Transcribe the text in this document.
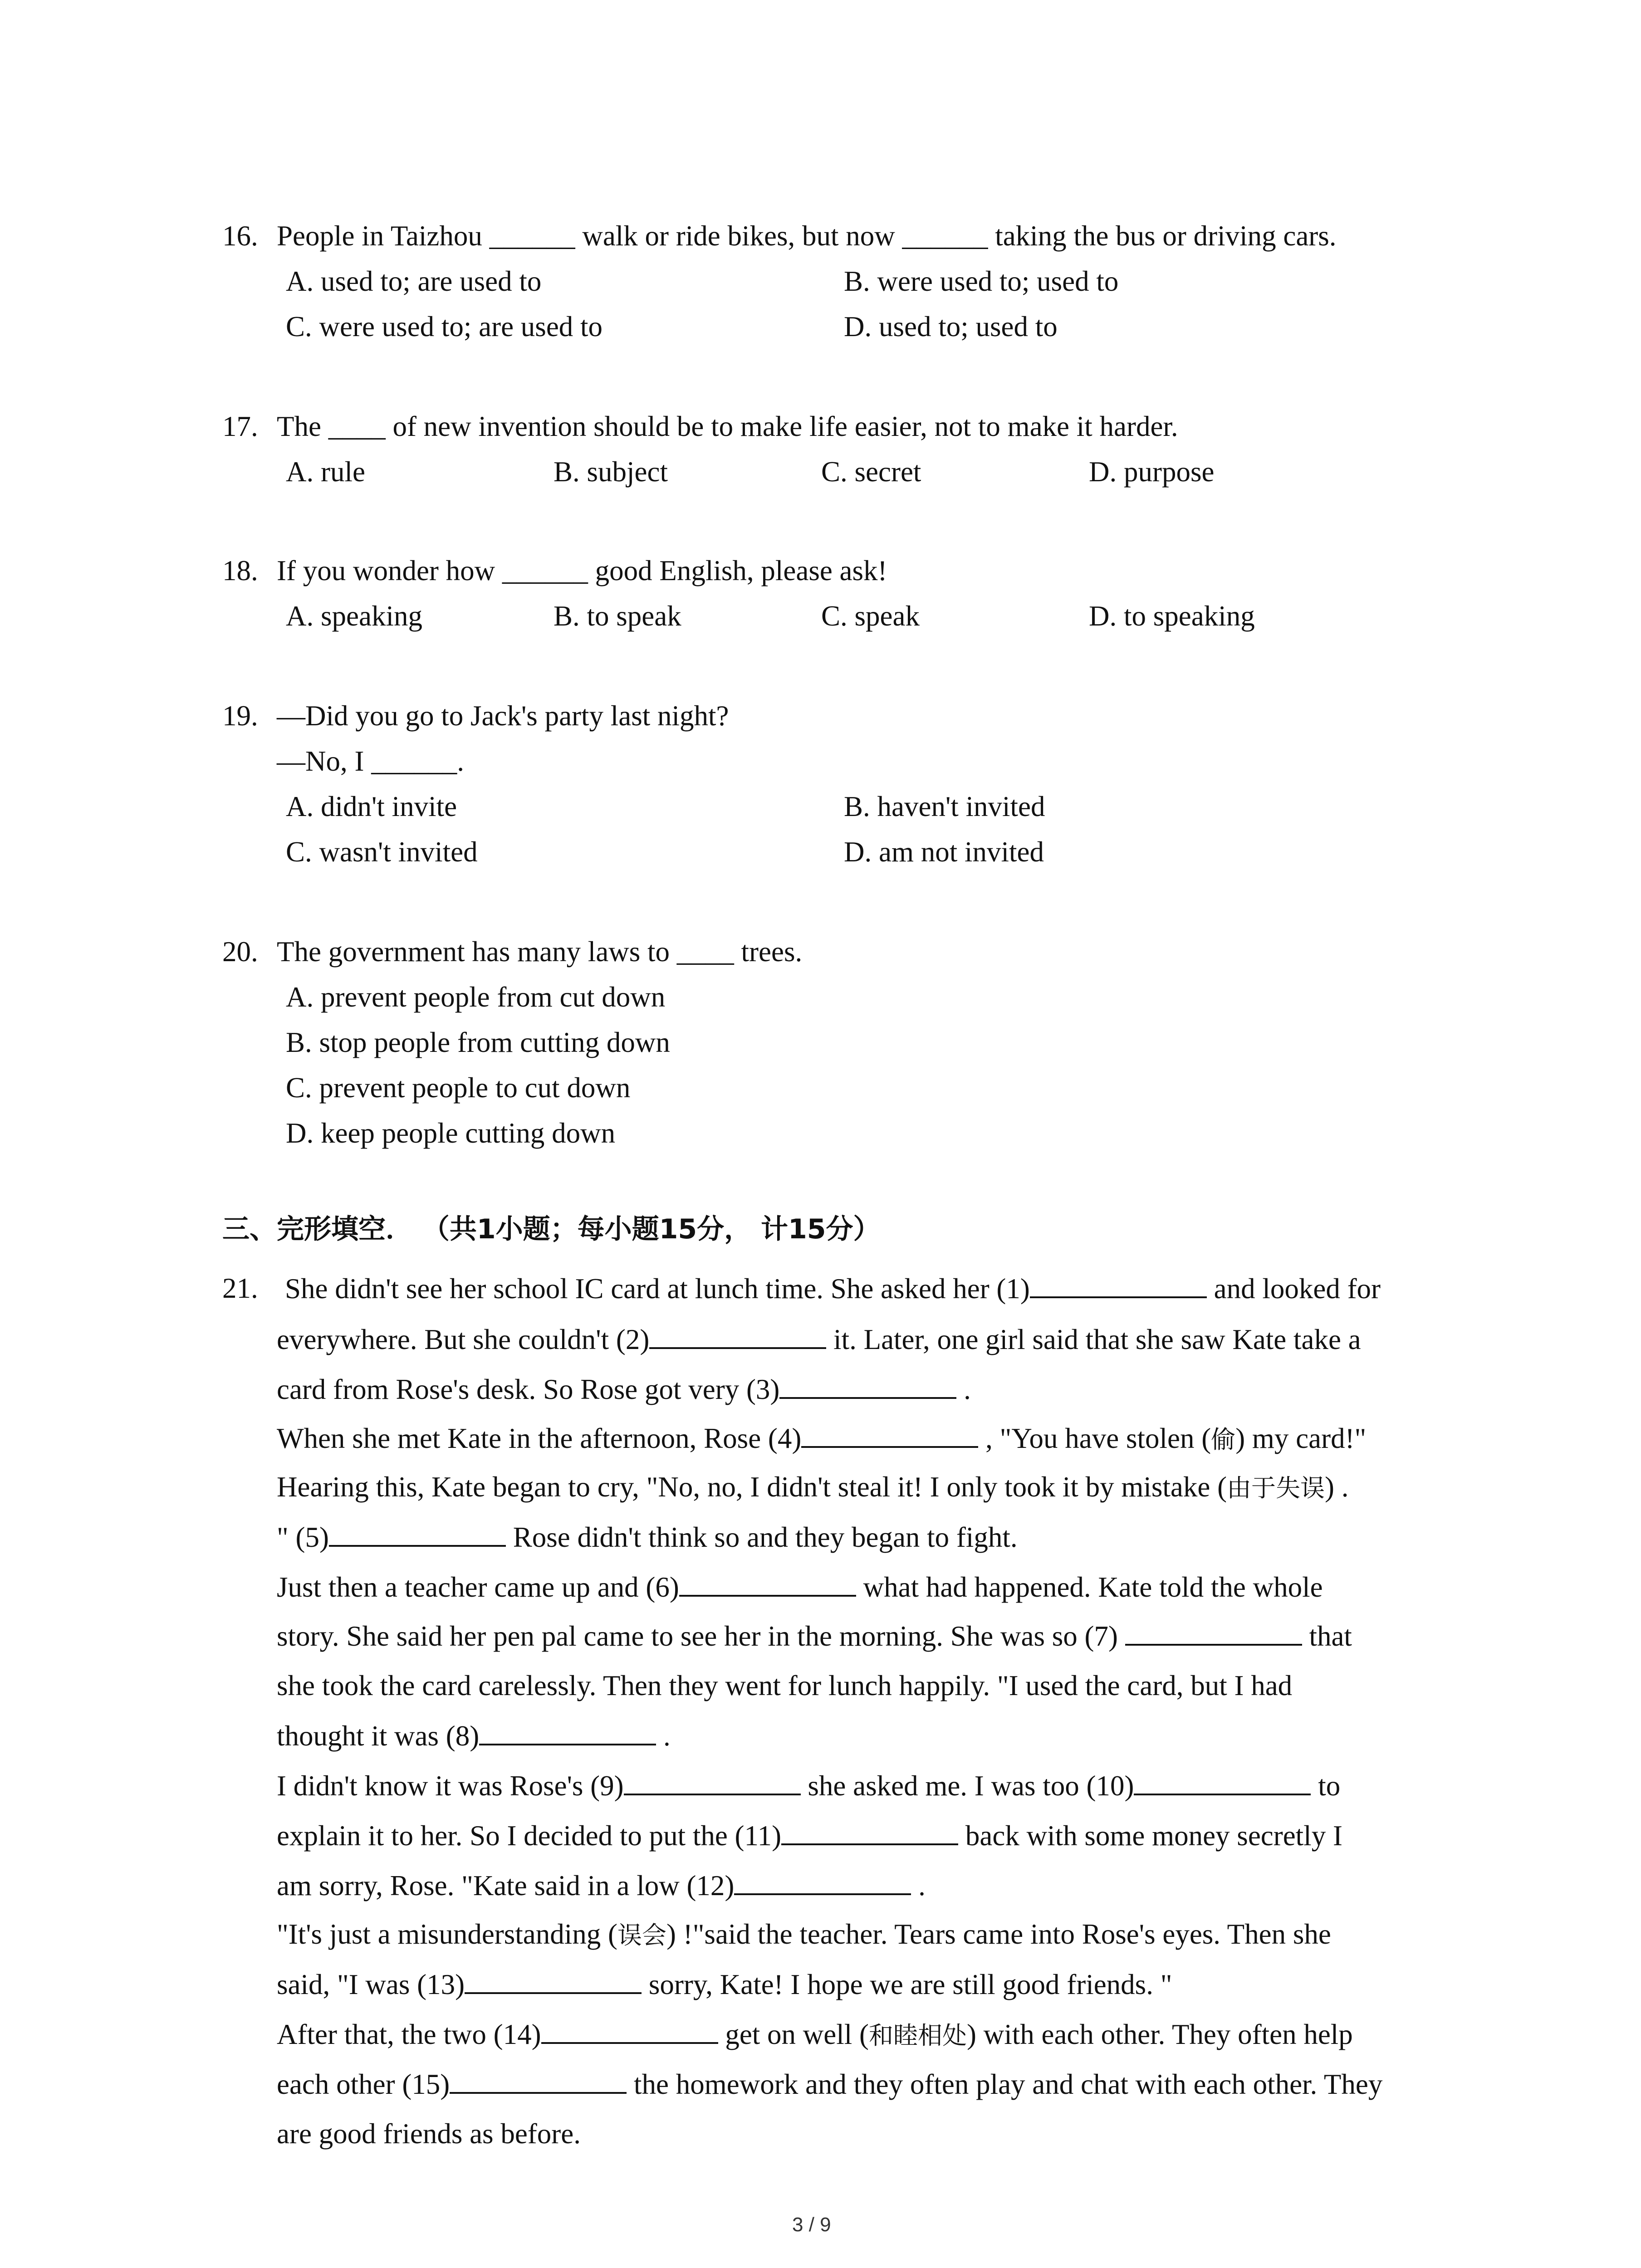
16. People in Taizhou ______ walk or ride bikes, but now ______ taking the bus or driving cars.
A. used to; are used to	B. were used to; used to
C. were used to; are used to	D. used to; used to
17. The ____ of new invention should be to make life easier, not to make it harder.
A. rule	B. subject	C. secret	D. purpose
18. If you wonder how ______ good English, please ask!
A. speaking	B. to speak	C. speak	D. to speaking
19. —Did you go to Jack's party last night?
—No, I ______.
A. didn't invite	B. haven't invited
C. wasn't invited	D. am not invited
20. The government has many laws to ____ trees.
A. prevent people from cut down
B. stop people from cutting down
C. prevent people to cut down
D. keep people cutting down
三、完形填空． （共1小题；每小题15分， 计15分）
21. She didn't see her school IC card at lunch time. She asked her (1)	and looked for
everywhere. But she couldn't (2)	it. Later, one girl said that she saw Kate take a
card from Rose's desk. So Rose got very (3)	.
When she met Kate in the afternoon, Rose (4)	, "You have stolen (偷) my card!"
Hearing this, Kate began to cry, "No, no, I didn't steal it! I only took it by mistake (由于失误) .
" (5)	Rose didn't think so and they began to fight.
Just then a teacher came up and (6)	what had happened. Kate told the whole
story. She said her pen pal came to see her in the morning. She was so (7)	that
she took the card carelessly. Then they went for lunch happily. "I used the card, but I had
thought it was (8)	.
I didn't know it was Rose's (9)	she asked me. I was too (10)	to
explain it to her. So I decided to put the (11)	back with some money secretly I
am sorry, Rose. "Kate said in a low (12)	.
"It's just a misunderstanding (误会) !"said the teacher. Tears came into Rose's eyes. Then she
said, "I was (13)	sorry, Kate! I hope we are still good friends. "
After that, the two (14)	get on well (和睦相处) with each other. They often help
each other (15)	the homework and they often play and chat with each other. They
are good friends as before.
3 / 9
